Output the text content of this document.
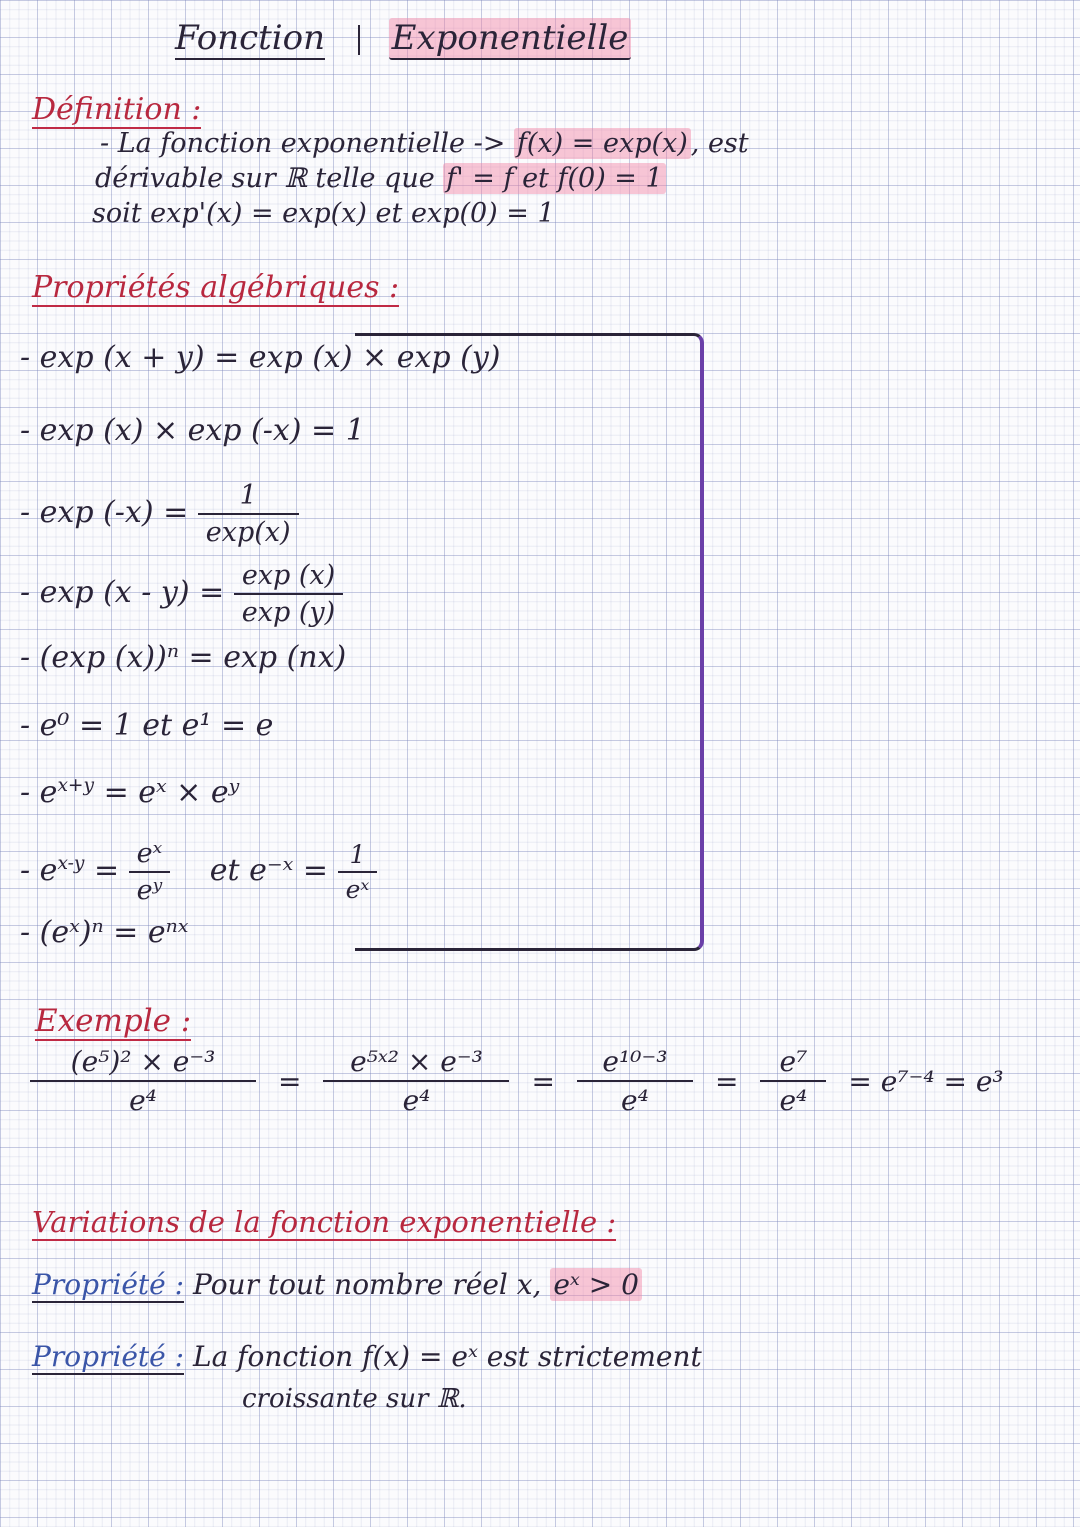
Fonction Exponentielle
Définition :
- La fonction exponentielle -> f(x) = exp(x) , est
dérivable sur ℝ telle que f' = f et f(0) = 1
soit exp'(x) = exp(x) et exp(0) = 1
Propriétés algébriques :
- exp (x + y) = exp (x) × exp (y)
- exp (x) × exp (-x) = 1
- $\exp (-x) = \frac{1}{\exp(x)}$
- $\exp (x - y) = \frac{\exp (x)}{\exp (y)}$
- (exp (x))ⁿ = exp (nx)
- e⁰ = 1 et e¹ = e
- $e^{x+y}$ = eˣ × eʸ
- $e^{x-y} = \frac{\text{eˣ}}{\text{eʸ}}$ et e⁻ˣ = $\frac{1}{\text{eˣ}}$
- (eˣ)ⁿ = eⁿˣ
Exemple :
$\frac{\text{(e⁵)² × e⁻³}}{\text{e⁴}} = \frac{\text{e⁵ˣ² × e⁻³}}{\text{e⁴}} = \frac{\text{e¹⁰⁻³}}{\text{e⁴}} = \frac{\text{e⁷}}{\text{e⁴}} = e^{7-4} = e^3$
Variations de la fonction exponentielle :
Propriété : Pour tout nombre réel x, eˣ > 0
Propriété : La fonction f(x) = eˣ est strictement
croissante sur ℝ.
